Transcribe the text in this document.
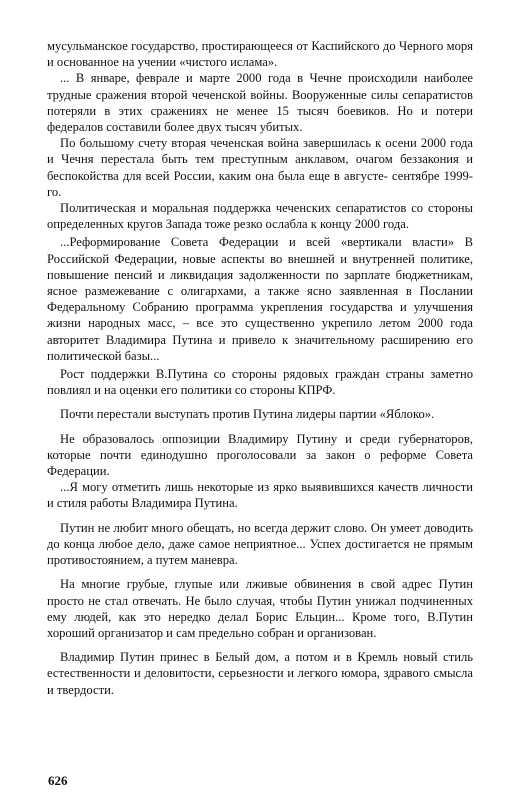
мусульманское государство, простирающееся от Каспийского до Черного моря и основанное на учении «чистого ислама».

... В январе, феврале и марте 2000 года в Чечне происходили наиболее трудные сражения второй чеченской войны. Вооруженные силы сепаратистов потеряли в этих сражениях не менее 15 тысяч боевиков. Но и потери федералов составили более двух тысяч убитых.

По большому счету вторая чеченская война завершилась к осени 2000 года и Чечня перестала быть тем преступным анклавом, очагом беззакония и беспокойства для всей России, каким она была еще в августе- сентябре 1999-го.

Политическая и моральная поддержка чеченских сепаратистов со стороны определенных кругов Запада тоже резко ослабла к концу 2000 года.

...Реформирование Совета Федерации и всей «вертикали власти» В Российской Федерации, новые аспекты во внешней и внутренней политике, повышение пенсий и ликвидация задолженности по зарплате бюджетникам, ясное размежевание с олигархами, а также ясно заявленная в Послании Федеральному Собранию программа укрепления государства и улучшения жизни народных масс, – все это существенно укрепило летом 2000 года авторитет Владимира Путина и привело к значительному расширению его политической базы...

Рост поддержки В.Путина со стороны рядовых граждан страны заметно повлиял и на оценки его политики со стороны КПРФ.

Почти перестали выступать против Путина лидеры партии «Яблоко».

Не образовалось оппозиции Владимиру Путину и среди губернаторов, которые почти единодушно проголосовали за закон о реформе Совета Федерации.

...Я могу отметить лишь некоторые из ярко выявившихся качеств личности и стиля работы Владимира Путина.

Путин не любит много обещать, но всегда держит слово. Он умеет доводить до конца любое дело, даже самое неприятное... Успех достигается не прямым противостоянием, а путем маневра.

На многие грубые, глупые или лживые обвинения в свой адрес Путин просто не стал отвечать. Не было случая, чтобы Путин унижал подчиненных ему людей, как это нередко делал Борис Ельцин... Кроме того, В.Путин хороший организатор и сам предельно собран и организован.

Владимир Путин принес в Белый дом, а потом и в Кремль новый стиль естественности и деловитости, серьезности и легкого юмора, здравого смысла и твердости.

626
